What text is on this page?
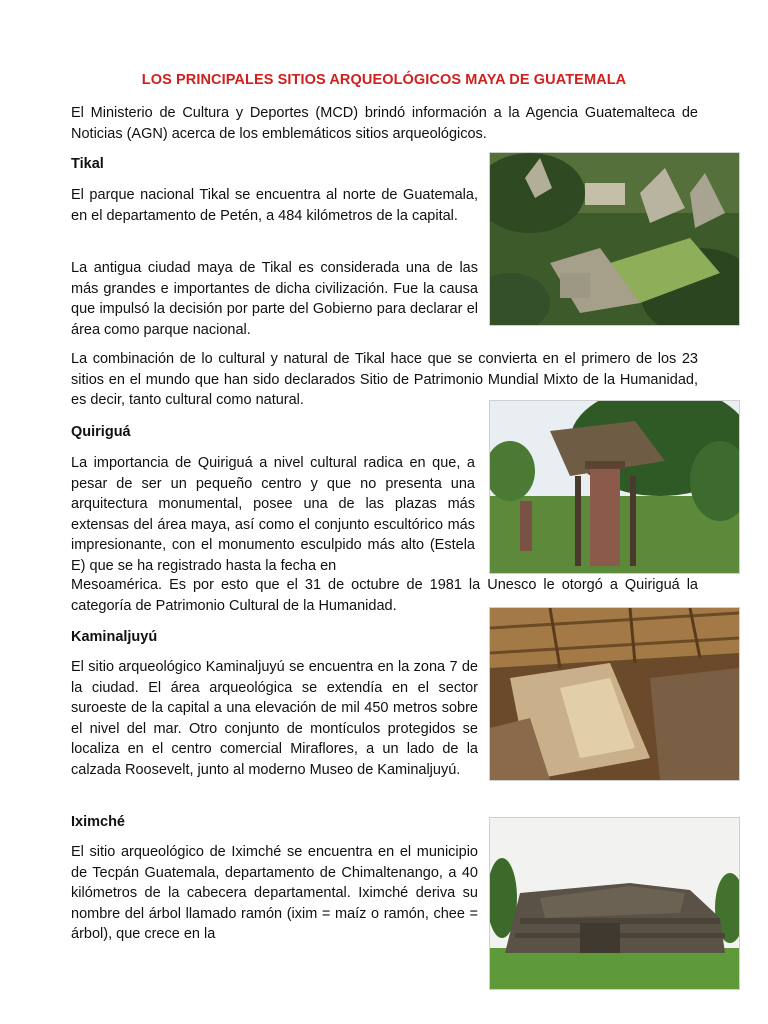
LOS PRINCIPALES SITIOS ARQUEOLÓGICOS MAYA DE GUATEMALA

El Ministerio de Cultura y Deportes (MCD) brindó información a la Agencia Guatemalteca de Noticias (AGN) acerca de los emblemáticos sitios arqueológicos.

Tikal

El parque nacional Tikal se encuentra al norte de Guatemala, en el departamento de Petén, a 484 kilómetros de la capital.

La antigua ciudad maya de Tikal es considerada una de las más grandes e importantes de dicha civilización. Fue la causa que impulsó la decisión por parte del Gobierno para declarar el área como parque nacional.

La combinación de lo cultural y natural de Tikal hace que se convierta en el primero de los 23 sitios en el mundo que han sido declarados Sitio de Patrimonio Mundial Mixto de la Humanidad, es decir, tanto cultural como natural.

Quiriguá

La importancia de Quiriguá a nivel cultural radica en que, a pesar de ser un pequeño centro y que no presenta una arquitectura monumental, posee una de las plazas más extensas del área maya, así como el conjunto escultórico más impresionante, con el monumento esculpido más alto (Estela E) que se ha registrado hasta la fecha en

Mesoamérica. Es por esto que el 31 de octubre de 1981 la Unesco le otorgó a Quiriguá la categoría de Patrimonio Cultural de la Humanidad.

Kaminaljuyú

El sitio arqueológico Kaminaljuyú se encuentra en la zona 7 de la ciudad. El área arqueológica se extendía en el sector suroeste de la capital a una elevación de mil 450 metros sobre el nivel del mar. Otro conjunto de montículos protegidos se localiza en el centro comercial Miraflores, a un lado de la calzada Roosevelt, junto al moderno Museo de Kaminaljuyú.

Iximché

El sitio arqueológico de Iximché se encuentra en el municipio de Tecpán Guatemala, departamento de Chimaltenango, a 40 kilómetros de la cabecera departamental. Iximché deriva su nombre del árbol llamado ramón (ixim = maíz o ramón, chee = árbol), que crece en la
